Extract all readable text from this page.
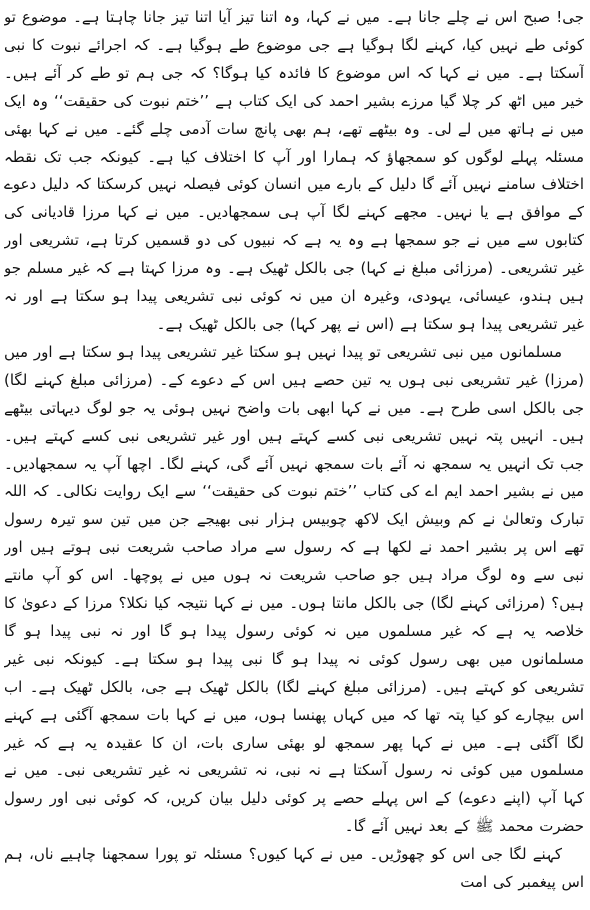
جی! صبح اس نے چلے جانا ہے۔ میں نے کہا، وہ اتنا تیز آیا اتنا تیز جانا چاہتا ہے۔ موضوع تو کوئی طے نہیں کیا، کہنے لگا ہوگیا ہے جی موضوع طے ہوگیا ہے۔ کہ اجرائے نبوت کا نبی آسکتا ہے۔ میں نے کہا کہ اس موضوع کا فائدہ کیا ہوگا؟ کہ جی ہم تو طے کر آئے ہیں۔ خیر میں اٹھ کر چلا گیا مرزے بشیر احمد کی ایک کتاب ہے ’’ختم نبوت کی حقیقت‘‘ وہ ایک میں نے ہاتھ میں لے لی۔ وہ بیٹھے تھے، ہم بھی پانچ سات آدمی چلے گئے۔ میں نے کہا بھئی مسئلہ پہلے لوگوں کو سمجھاؤ کہ ہمارا اور آپ کا اختلاف کیا ہے۔ کیونکہ جب تک نقطہ اختلاف سامنے نہیں آئے گا دلیل کے بارے میں انسان کوئی فیصلہ نہیں کرسکتا کہ دلیل دعوے کے موافق ہے یا نہیں۔ مجھے کہنے لگا آپ ہی سمجھادیں۔ میں نے کہا مرزا قادیانی کی کتابوں سے میں نے جو سمجھا ہے وہ یہ ہے کہ نبیوں کی دو قسمیں کرتا ہے، تشریعی اور غیر تشریعی۔ (مرزائی مبلغ نے کہا) جی بالکل ٹھیک ہے۔ وہ مرزا کہتا ہے کہ غیر مسلم جو ہیں ہندو، عیسائی، یہودی، وغیرہ ان میں نہ کوئی نبی تشریعی پیدا ہو سکتا ہے اور نہ غیر تشریعی پیدا ہو سکتا ہے (اس نے پھر کہا) جی بالکل ٹھیک ہے۔

مسلمانوں میں نبی تشریعی تو پیدا نہیں ہو سکتا غیر تشریعی پیدا ہو سکتا ہے اور میں (مرزا) غیر تشریعی نبی ہوں یہ تین حصے ہیں اس کے دعوے کے۔ (مرزائی مبلغ کہنے لگا) جی بالکل اسی طرح ہے۔ میں نے کہا ابھی بات واضح نہیں ہوئی یہ جو لوگ دیہاتی بیٹھے ہیں۔ انہیں پتہ نہیں تشریعی نبی کسے کہتے ہیں اور غیر تشریعی نبی کسے کہتے ہیں۔ جب تک انہیں یہ سمجھ نہ آئے بات سمجھ نہیں آئے گی، کہنے لگا۔ اچھا آپ یہ سمجھادیں۔ میں نے بشیر احمد ایم اے کی کتاب ’’ختم نبوت کی حقیقت‘‘ سے ایک روایت نکالی۔ کہ اللہ تبارک وتعالیٰ نے کم وبیش ایک لاکھ چوبیس ہزار نبی بھیجے جن میں تین سو تیرہ رسول تھے اس پر بشیر احمد نے لکھا ہے کہ رسول سے مراد صاحب شریعت نبی ہوتے ہیں اور نبی سے وہ لوگ مراد ہیں جو صاحب شریعت نہ ہوں میں نے پوچھا۔ اس کو آپ مانتے ہیں؟ (مرزائی کہنے لگا) جی بالکل مانتا ہوں۔ میں نے کہا نتیجہ کیا نکلا؟ مرزا کے دعویٰ کا خلاصہ یہ ہے کہ غیر مسلموں میں نہ کوئی رسول پیدا ہو گا اور نہ نبی پیدا ہو گا مسلمانوں میں بھی رسول کوئی نہ پیدا ہو گا نبی پیدا ہو سکتا ہے۔ کیونکہ نبی غیر تشریعی کو کہتے ہیں۔ (مرزائی مبلغ کہنے لگا) بالکل ٹھیک ہے جی، بالکل ٹھیک ہے۔ اب اس بیچارے کو کیا پتہ تھا کہ میں کہاں پھنسا ہوں، میں نے کہا بات سمجھ آگئی ہے کہنے لگا آگئی ہے۔ میں نے کہا پھر سمجھ لو بھئی ساری بات، ان کا عقیدہ یہ ہے کہ غیر مسلموں میں کوئی نہ رسول آسکتا ہے نہ نبی، نہ تشریعی نہ غیر تشریعی نبی۔ میں نے کہا آپ (اپنے دعوے) کے اس پہلے حصے پر کوئی دلیل بیان کریں، کہ کوئی نبی اور رسول حضرت محمد ﷺ کے بعد نہیں آئے گا۔

کہنے لگا جی اس کو چھوڑیں۔ میں نے کہا کیوں؟ مسئلہ تو پورا سمجھنا چاہیے ناں، ہم اس پیغمبر کی امت
